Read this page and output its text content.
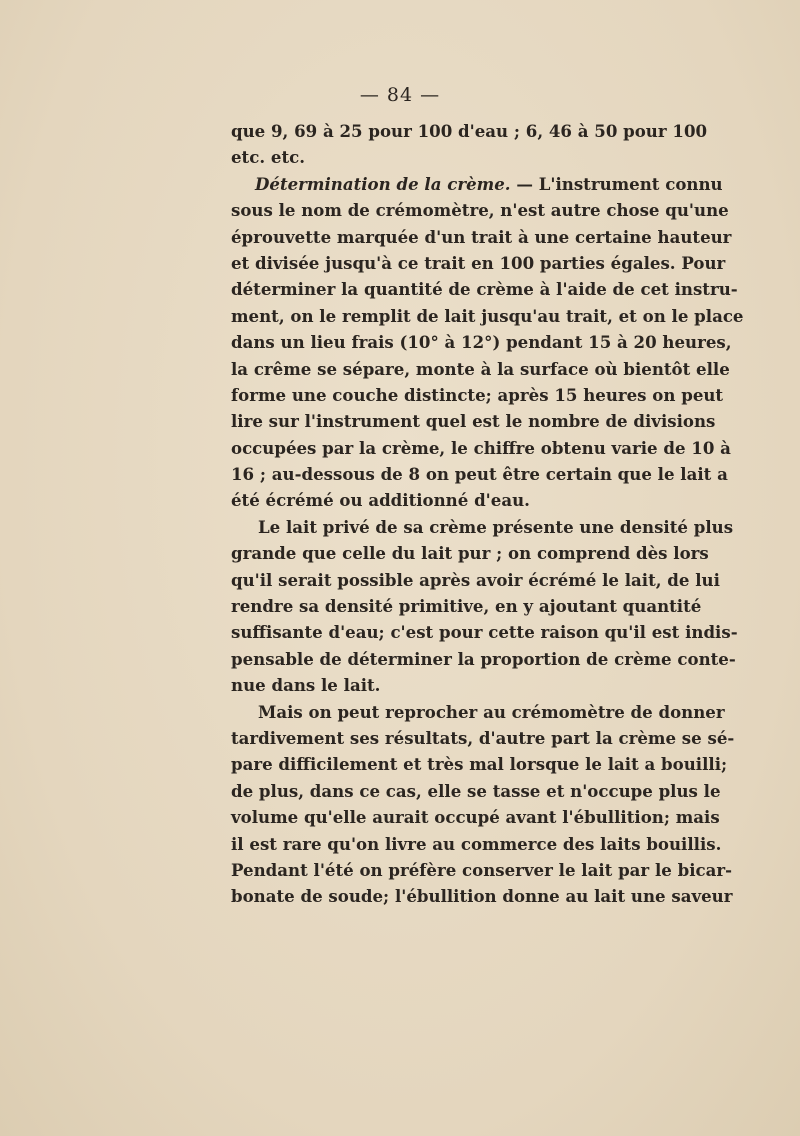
— 84 —
que 9, 69 à 25 pour 100 d'eau ; 6, 46 à 50 pour 100
etc. etc.
Détermination de la crème. — L'instrument connu
sous le nom de crémomètre, n'est autre chose qu'une
éprouvette marquée d'un trait à une certaine hauteur
et divisée jusqu'à ce trait en 100 parties égales. Pour
déterminer la quantité de crème à l'aide de cet instru-
ment, on le remplit de lait jusqu'au trait, et on le place
dans un lieu frais (10° à 12°) pendant 15 à 20 heures,
la crême se sépare, monte à la surface où bientôt elle
forme une couche distincte; après 15 heures on peut
lire sur l'instrument quel est le nombre de divisions
occupées par la crème, le chiffre obtenu varie de 10 à
16 ; au-dessous de 8 on peut être certain que le lait a
été écrémé ou additionné d'eau.
Le lait privé de sa crème présente une densité plus
grande que celle du lait pur ; on comprend dès lors
qu'il serait possible après avoir écrémé le lait, de lui
rendre sa densité primitive, en y ajoutant quantité
suffisante d'eau; c'est pour cette raison qu'il est indis-
pensable de déterminer la proportion de crème conte-
nue dans le lait.
Mais on peut reprocher au crémomètre de donner
tardivement ses résultats, d'autre part la crème se sé-
pare difficilement et très mal lorsque le lait a bouilli;
de plus, dans ce cas, elle se tasse et n'occupe plus le
volume qu'elle aurait occupé avant l'ébullition; mais
il est rare qu'on livre au commerce des laits bouillis.
Pendant l'été on préfère conserver le lait par le bicar-
bonate de soude; l'ébullition donne au lait une saveur
